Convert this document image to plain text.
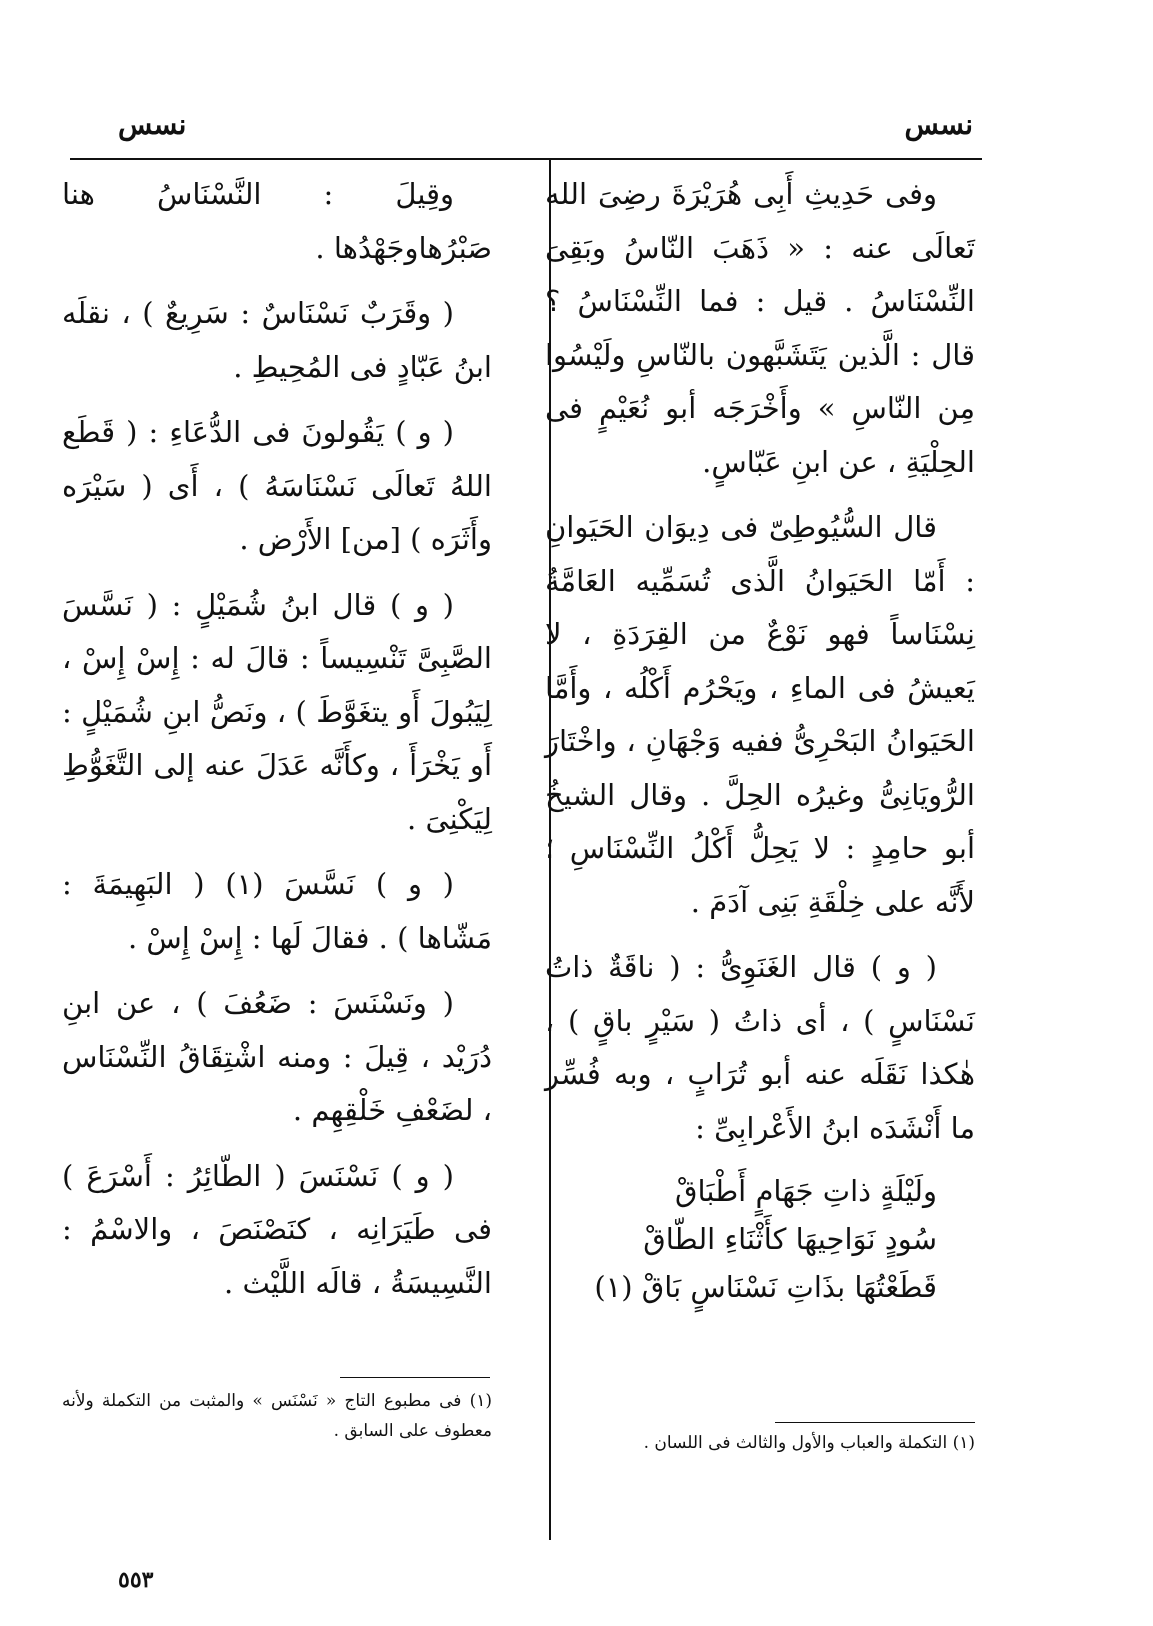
نسس
نسس

وفى حَدِيثِ أَبِى هُرَيْرَةَ رضِىَ الله تَعالَى عنه : « ذَهَبَ النّاسُ وبَقِىَ النِّسْنَاسُ . قيل : فما النِّسْنَاسُ ؟ قال : الَّذين يَتَشَبَّهون بالنّاسِ ولَيْسُوا مِن النّاسِ » وأَخْرَجَه أبو نُعَيْمٍ فى الحِلْيَةِ ، عن ابنِ عَبّاسٍ.

قال السُّيُوطِىّ فى دِيوَان الحَيَوانِ : أَمّا الحَيَوانُ الَّذى تُسَمِّيه العَامَّةُ نِسْنَاساً فهو نَوْعٌ من القِرَدَةِ ، لا يَعيشُ فى الماءِ ، ويَحْرُم أَكْلُه ، وأَمَّا الحَيَوانُ البَحْرِىُّ ففيه وَجْهَانِ ، واخْتَارَ الرُّويَانِىُّ وغيرُه الحِلَّ . وقال الشيخُ أبو حامِدٍ : لا يَحِلُّ أَكْلُ النِّسْنَاسِ ؛ لأَنَّه على خِلْقَةِ بَنِى آدَمَ .

( و ) قال الغَنَوِىُّ : ( ناقَةٌ ذاتُ نَسْنَاسٍ ) ، أى ذاتُ ( سَيْرٍ باقٍ ) ، هٰكذا نَقَلَه عنه أبو تُرَابٍ ، وبه فُسِّر ما أَنْشَدَه ابنُ الأَعْرابِىِّ :

ولَيْلَةٍ ذاتِ جَهَامٍ أَطْبَاقْ
سُودٍ نَوَاحِيهَا كأَثْنَاءِ الطّاقْ
قَطَعْتُهَا بذَاتِ نَسْنَاسٍ بَاقْ (١)

وقِيلَ : النَّسْنَاسُ هنا صَبْرُهاوجَهْدُها .

( وقَرَبٌ نَسْنَاسٌ : سَرِيعٌ ) ، نقلَه ابنُ عَبّادٍ فى المُحِيطِ .

( و ) يَقُولونَ فى الدُّعَاءِ : ( قَطَع اللهُ تَعالَى نَسْنَاسَهُ ) ، أَى ( سَيْرَه وأَثَرَه ) [من] الأَرْض .

( و ) قال ابنُ شُمَيْلٍ : ( نَسَّسَ الصَّبِىَّ تَنْسِيساً : قالَ له : إِسْ إِسْ ، لِيَبُولَ أَو يتغَوَّطَ ) ، ونَصُّ ابنِ شُمَيْلٍ : أَو يَخْرَأَ ، وكأَنَّه عَدَلَ عنه إلى التَّغَوُّطِ لِيَكْنِىَ .

( و ) نَسَّسَ (١) ( البَهِيمَةَ : مَشّاها ) . فقالَ لَها : إِسْ إِسْ .

( ونَسْنَسَ : ضَعُفَ ) ، عن ابنِ دُرَيْد ، قِيلَ : ومنه اشْتِقَاقُ النِّسْنَاس ، لضَعْفِ خَلْقِهِم .

( و ) نَسْنَسَ ( الطّائِرُ : أَسْرَعَ ) فى طَيَرَانِه ، كنَصْنَصَ ، والاسْمُ : النَّسِيسَةُ ، قالَه اللَّيْث .

(١) التكملة والعباب والأول والثالث فى اللسان .
(١) فى مطبوع التاج « نَسْنَس » والمثبت من التكملة ولأنه معطوف على السابق .
٥٥٣
